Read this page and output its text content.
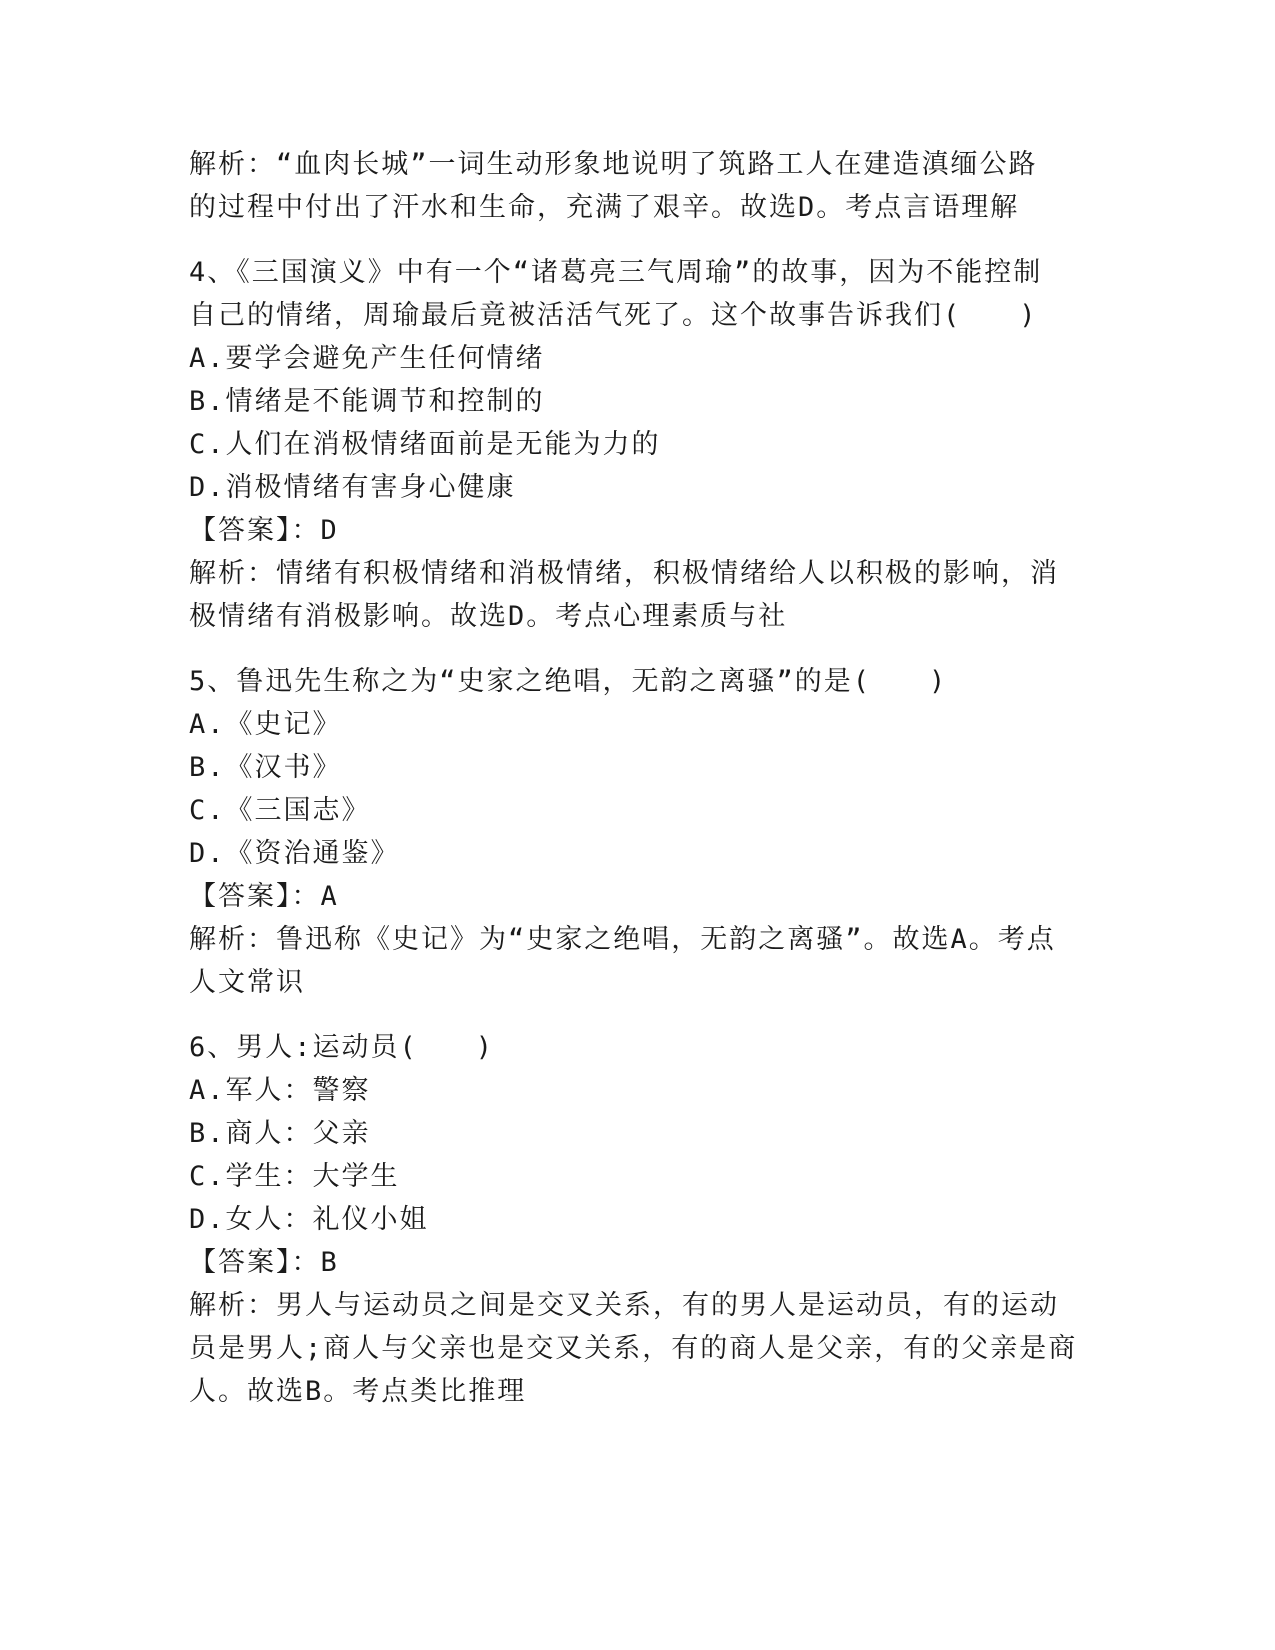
解析：“血肉长城”一词生动形象地说明了筑路工人在建造滇缅公路
的过程中付出了汗水和生命，充满了艰辛。故选D。考点言语理解
4、《三国演义》中有一个“诸葛亮三气周瑜”的故事，因为不能控制
自己的情绪，周瑜最后竟被活活气死了。这个故事告诉我们(　　)
A.要学会避免产生任何情绪
B.情绪是不能调节和控制的
C.人们在消极情绪面前是无能为力的
D.消极情绪有害身心健康
【答案】：D
解析：情绪有积极情绪和消极情绪，积极情绪给人以积极的影响，消
极情绪有消极影响。故选D。考点心理素质与社
5、鲁迅先生称之为“史家之绝唱，无韵之离骚”的是(　　)
A.《史记》
B.《汉书》
C.《三国志》
D.《资治通鉴》
【答案】：A
解析：鲁迅称《史记》为“史家之绝唱，无韵之离骚”。故选A。考点
人文常识
6、男人:运动员(　　)
A.军人：警察
B.商人：父亲
C.学生：大学生
D.女人：礼仪小姐
【答案】：B
解析：男人与运动员之间是交叉关系，有的男人是运动员，有的运动
员是男人;商人与父亲也是交叉关系，有的商人是父亲，有的父亲是商
人。故选B。考点类比推理
